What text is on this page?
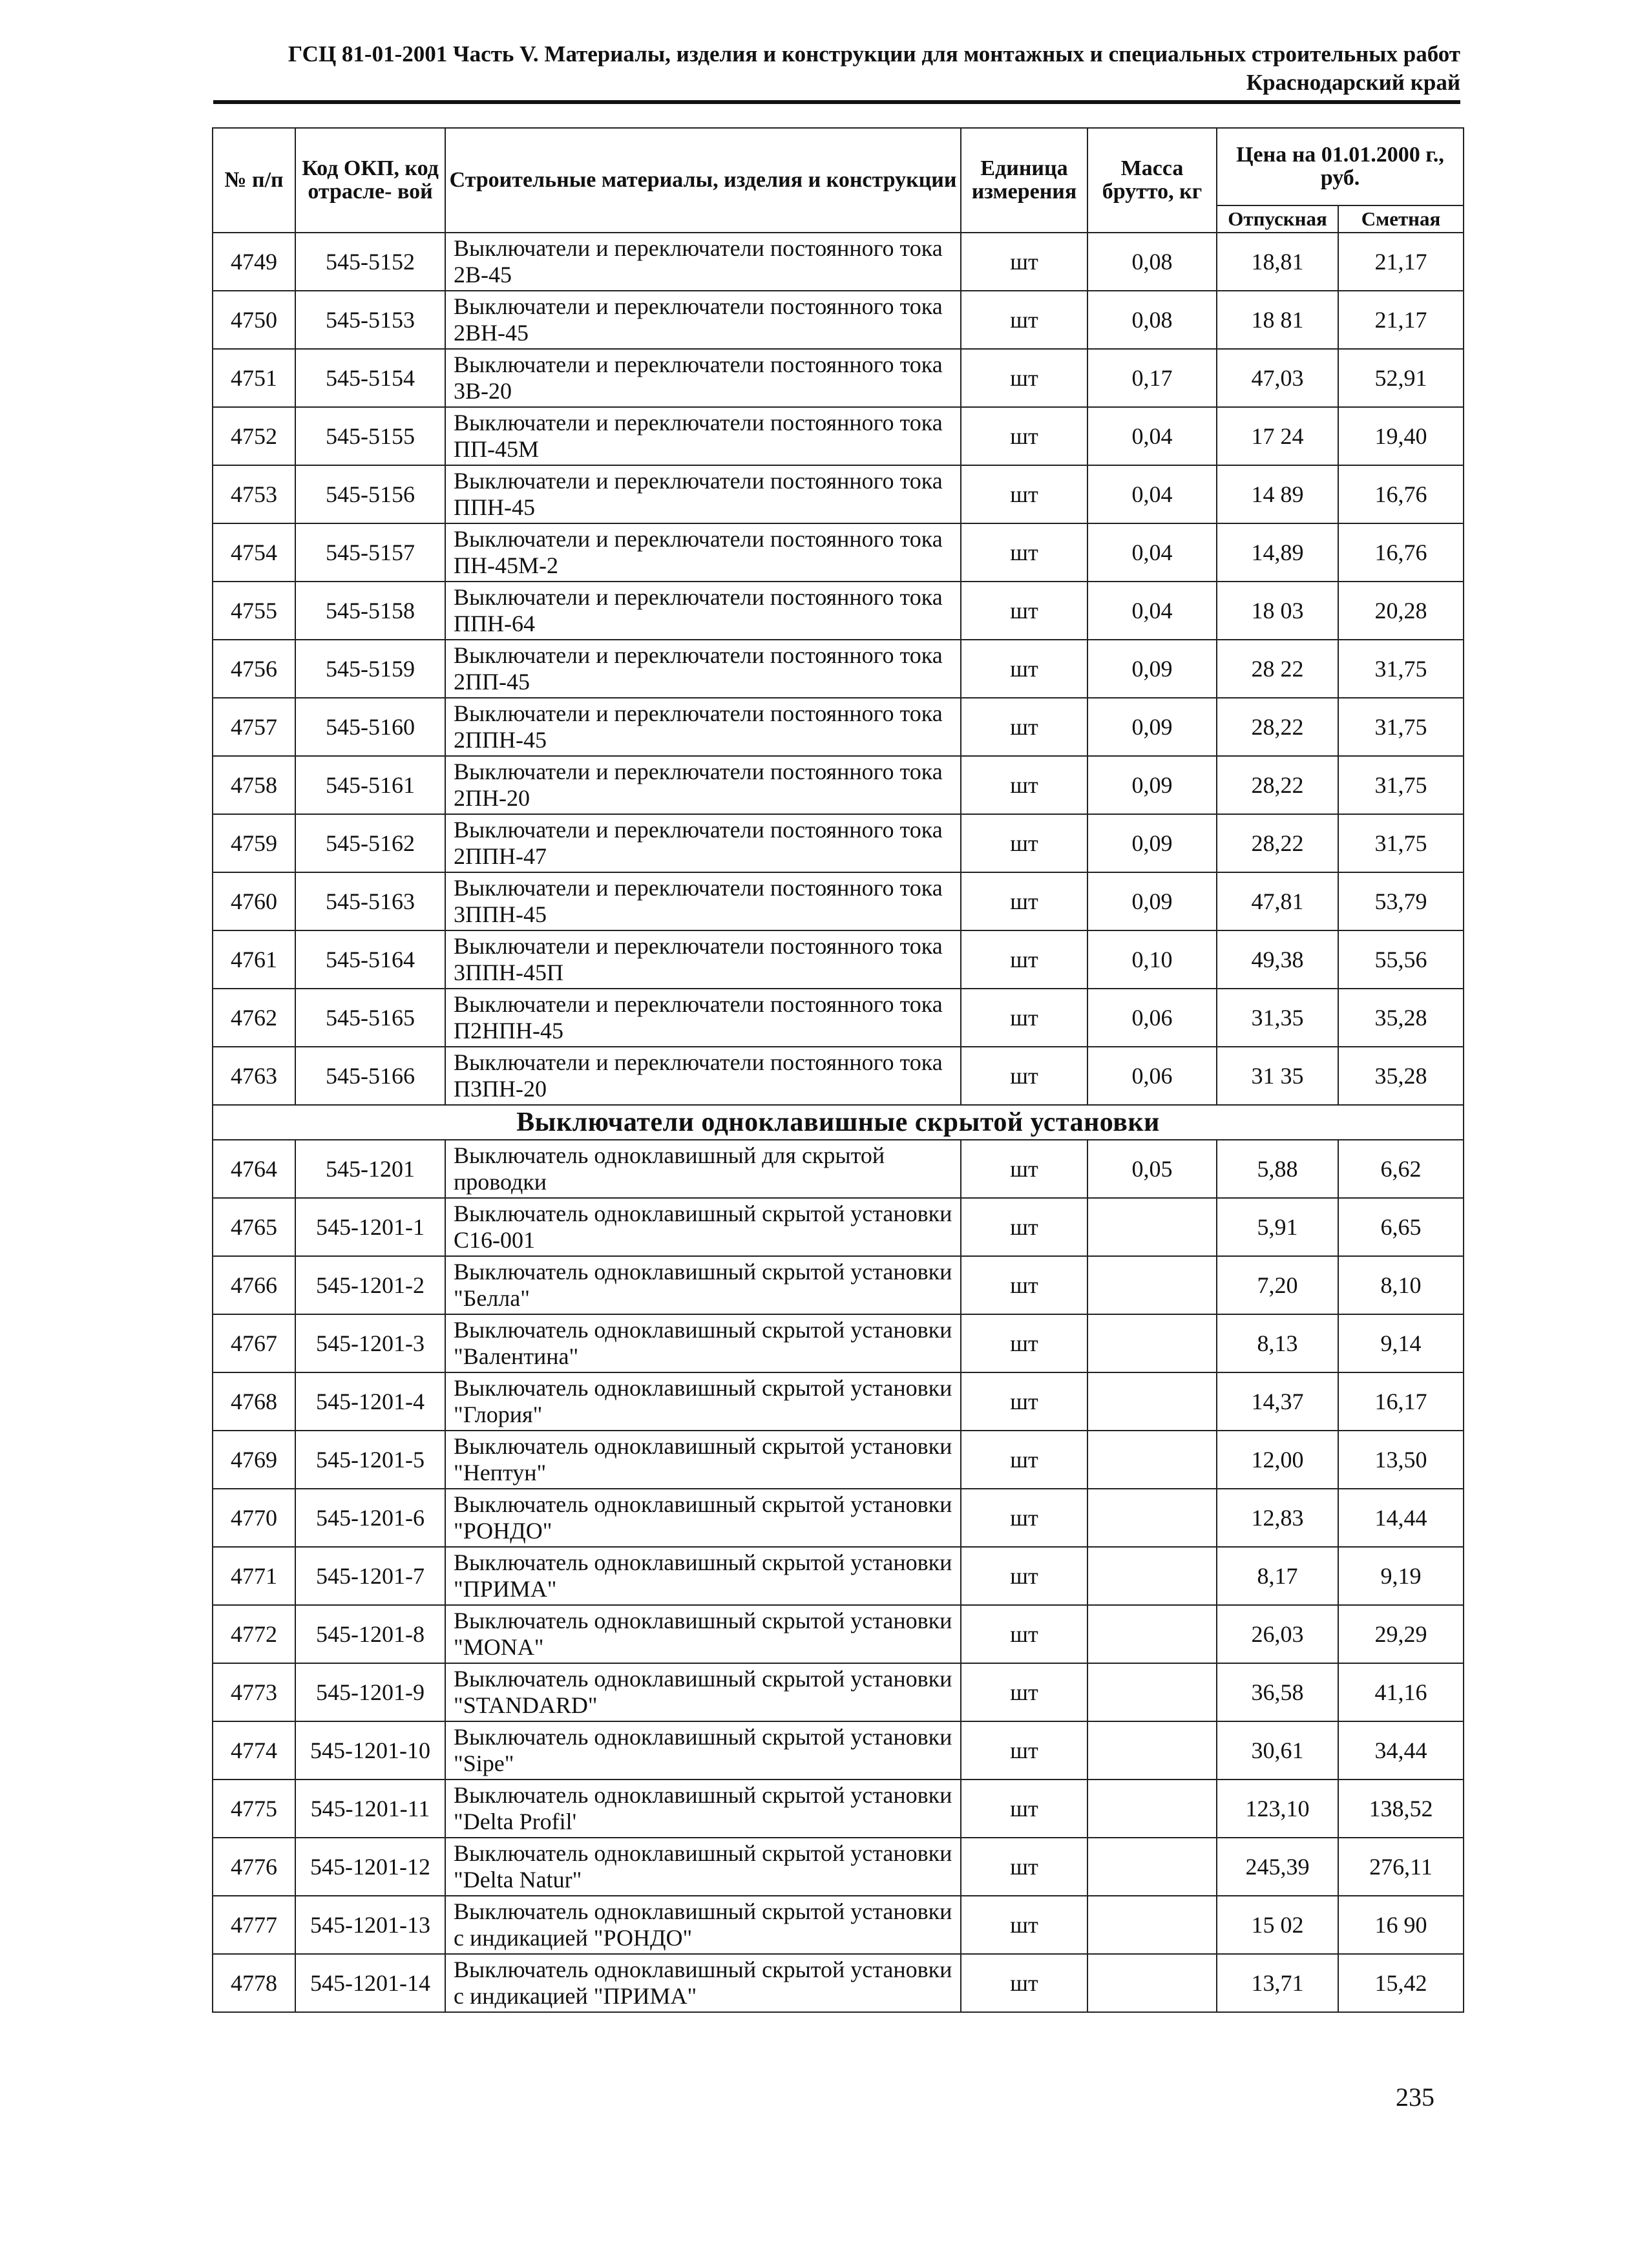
ГСЦ 81-01-2001 Часть V. Материалы, изделия и конструкции для монтажных и специальных строительных работ
Краснодарский край
№ п/п	Код ОКП, код отрасле- вой	Строительные материалы, изделия и конструкции	Единица измерения	Масса брутто, кг	Цена на 01.01.2000 г., руб.	
					Отпускная	Сметная
4749	545-5152	Выключатели и переключатели постоянного тока 2В-45	шт	0,08	18,81	21,17
4750	545-5153	Выключатели и переключатели постоянного тока 2ВН-45	шт	0,08	18 81	21,17
4751	545-5154	Выключатели и переключатели постоянного тока 3В-20	шт	0,17	47,03	52,91
4752	545-5155	Выключатели и переключатели постоянного тока ПП-45М	шт	0,04	17 24	19,40
4753	545-5156	Выключатели и переключатели постоянного тока ППН-45	шт	0,04	14 89	16,76
4754	545-5157	Выключатели и переключатели постоянного тока ПН-45М-2	шт	0,04	14,89	16,76
4755	545-5158	Выключатели и переключатели постоянного тока ППН-64	шт	0,04	18 03	20,28
4756	545-5159	Выключатели и переключатели постоянного тока 2ПП-45	шт	0,09	28 22	31,75
4757	545-5160	Выключатели и переключатели постоянного тока 2ППН-45	шт	0,09	28,22	31,75
4758	545-5161	Выключатели и переключатели постоянного тока 2ПН-20	шт	0,09	28,22	31,75
4759	545-5162	Выключатели и переключатели постоянного тока 2ППН-47	шт	0,09	28,22	31,75
4760	545-5163	Выключатели и переключатели постоянного тока 3ППН-45	шт	0,09	47,81	53,79
4761	545-5164	Выключатели и переключатели постоянного тока 3ППН-45П	шт	0,10	49,38	55,56
4762	545-5165	Выключатели и переключатели постоянного тока П2НПН-45	шт	0,06	31,35	35,28
4763	545-5166	Выключатели и переключатели постоянного тока П3ПН-20	шт	0,06	31 35	35,28
Выключатели одноклавишные скрытой установки						
4764	545-1201	Выключатель одноклавишный для скрытой проводки	шт	0,05	5,88	6,62
4765	545-1201-1	Выключатель одноклавишный скрытой установки С16-001	шт		5,91	6,65
4766	545-1201-2	Выключатель одноклавишный скрытой установки "Белла"	шт		7,20	8,10
4767	545-1201-3	Выключатель одноклавишный скрытой установки "Валентина"	шт		8,13	9,14
4768	545-1201-4	Выключатель одноклавишный скрытой установки "Глория"	шт		14,37	16,17
4769	545-1201-5	Выключатель одноклавишный скрытой установки "Нептун"	шт		12,00	13,50
4770	545-1201-6	Выключатель одноклавишный скрытой установки "РОНДО"	шт		12,83	14,44
4771	545-1201-7	Выключатель одноклавишный скрытой установки "ПРИМА"	шт		8,17	9,19
4772	545-1201-8	Выключатель одноклавишный скрытой установки "MONA"	шт		26,03	29,29
4773	545-1201-9	Выключатель одноклавишный скрытой установки "STANDARD"	шт		36,58	41,16
4774	545-1201-10	Выключатель одноклавишный скрытой установки "Sipe"	шт		30,61	34,44
4775	545-1201-11	Выключатель одноклавишный скрытой установки "Delta Profil'	шт		123,10	138,52
4776	545-1201-12	Выключатель одноклавишный скрытой установки "Delta Natur"	шт		245,39	276,11
4777	545-1201-13	Выключатель одноклавишный скрытой установки с индикацией "РОНДО"	шт		15 02	16 90
4778	545-1201-14	Выключатель одноклавишный скрытой установки с индикацией "ПРИМА"	шт		13,71	15,42
235
